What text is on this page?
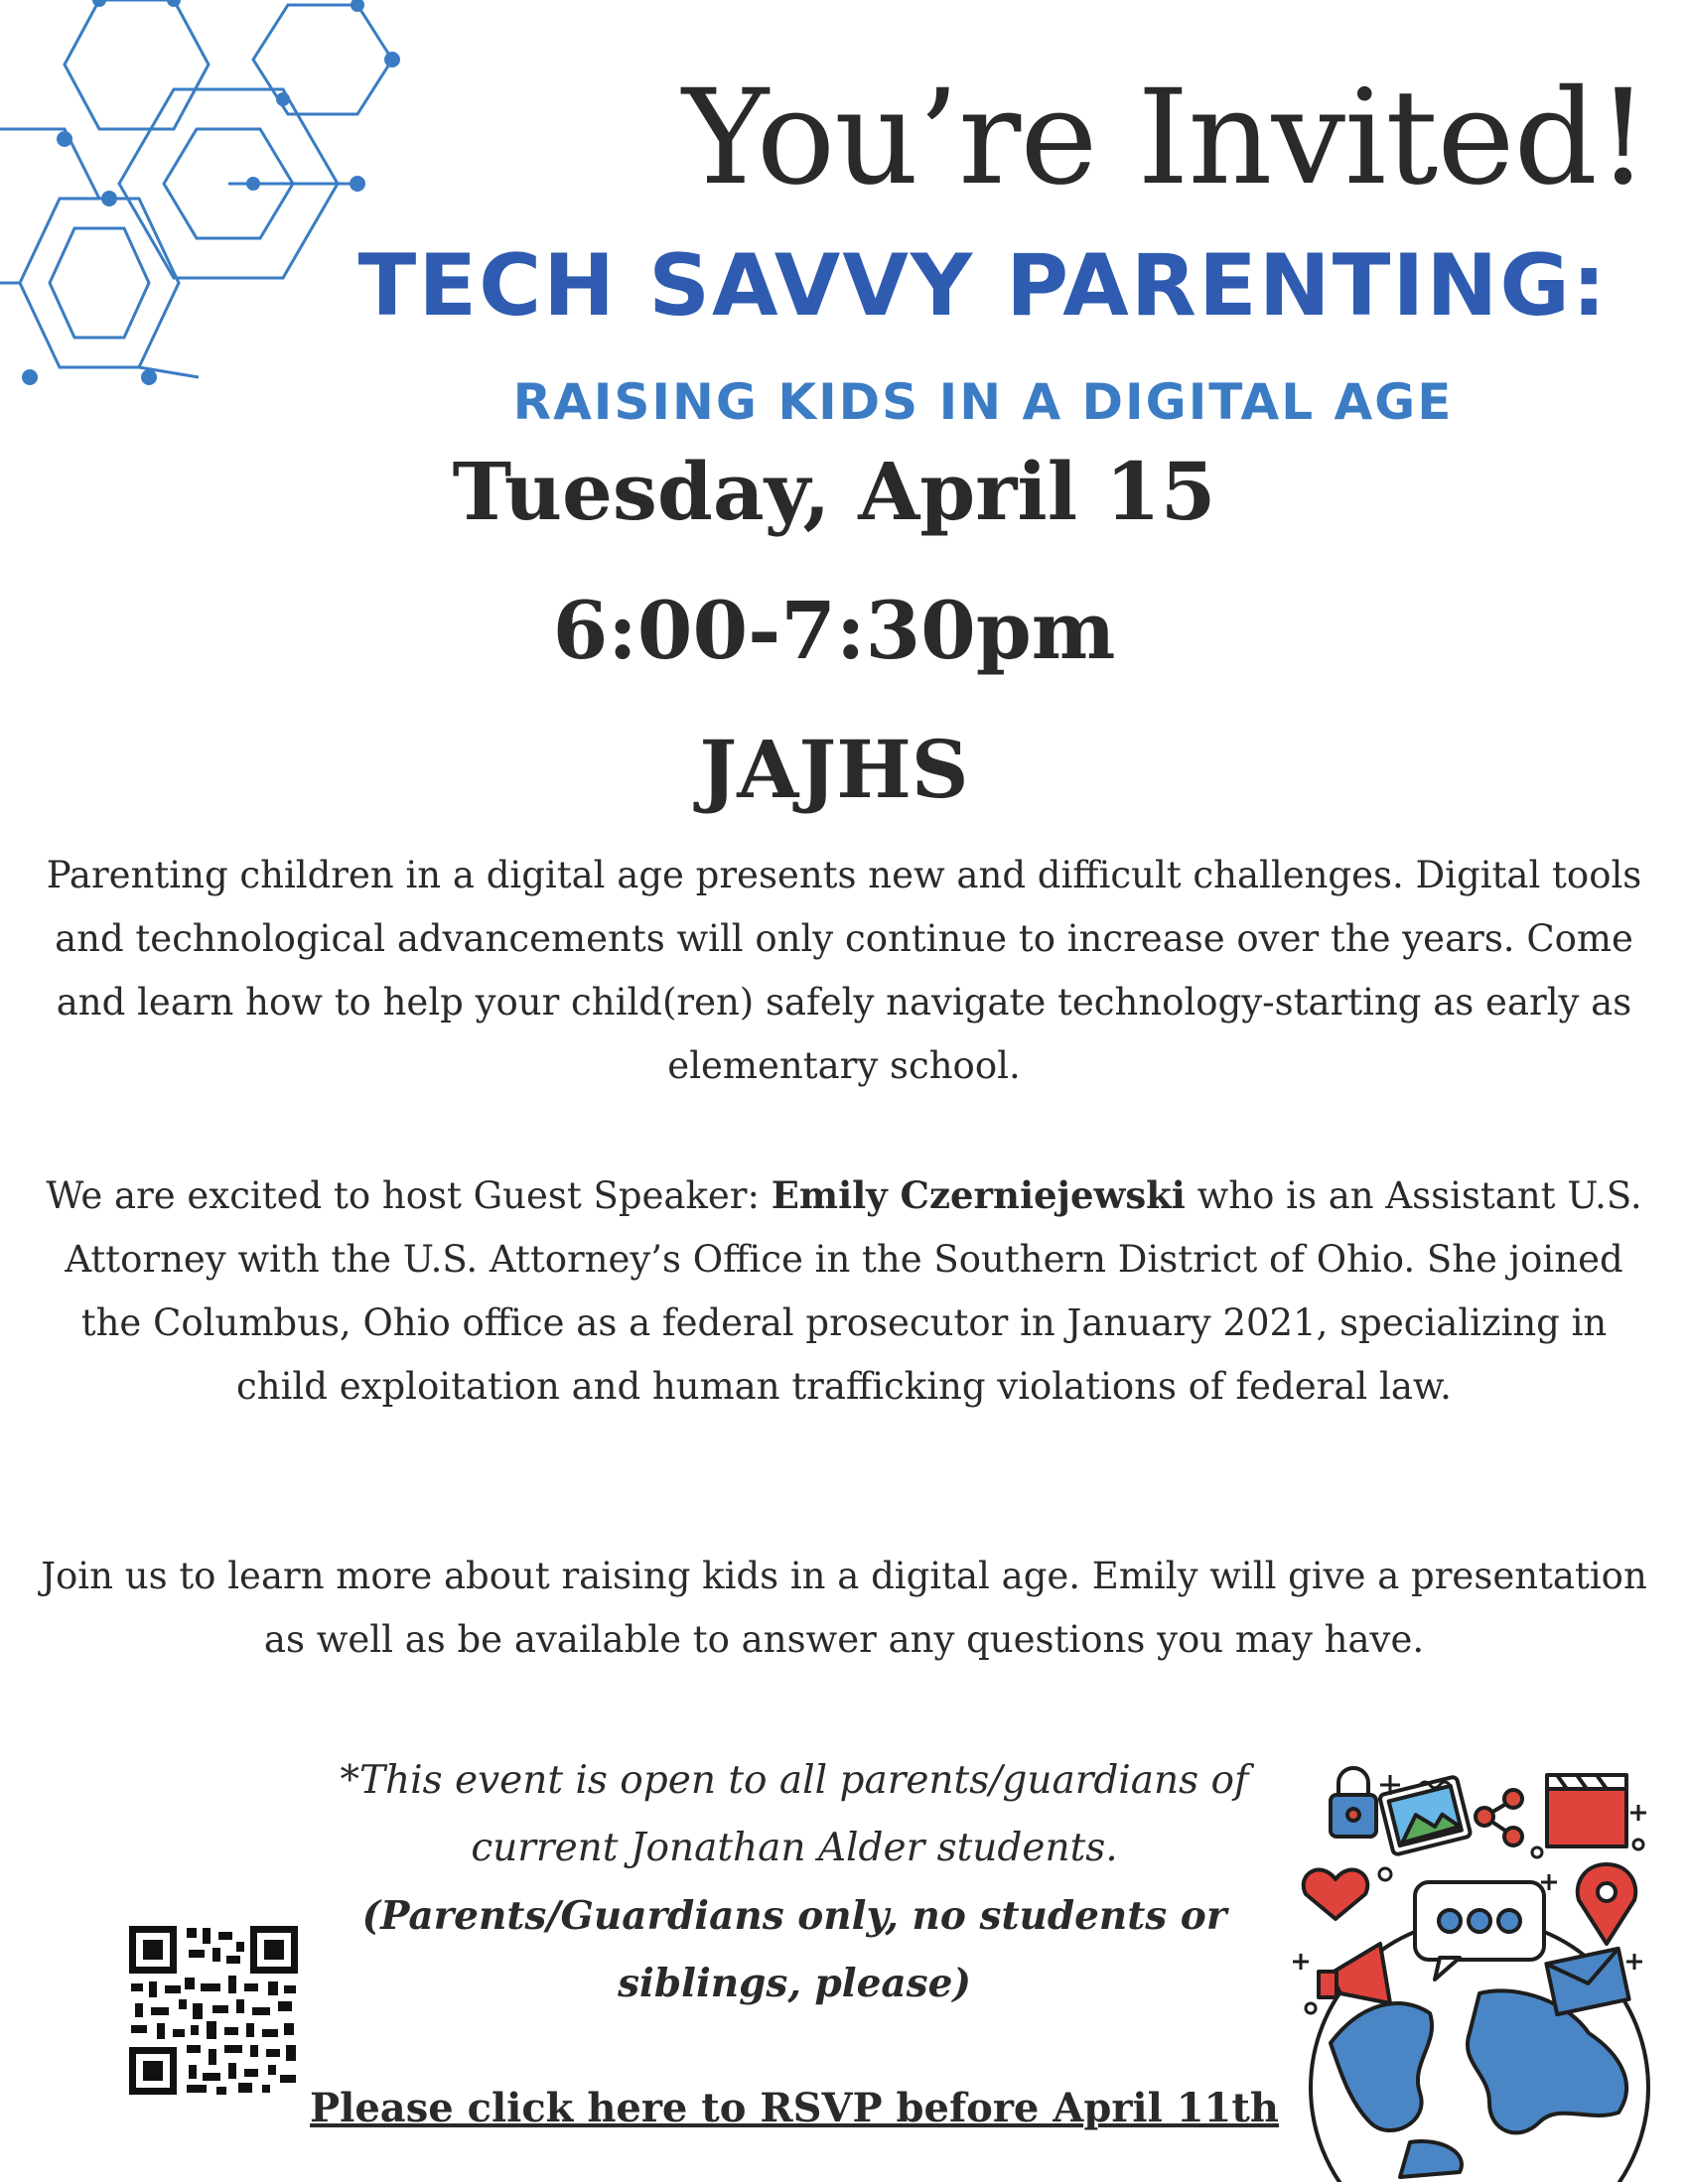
You’re Invited!
TECH SAVVY PARENTING:
RAISING KIDS IN A DIGITAL AGE
Tuesday, April 15
6:00-7:30pm
JAJHS

Parenting children in a digital age presents new and difficult challenges. Digital tools and technological advancements will only continue to increase over the years. Come and learn how to help your child(ren) safely navigate technology-starting as early as elementary school.

We are excited to host Guest Speaker: Emily Czerniejewski who is an Assistant U.S. Attorney with the U.S. Attorney’s Office in the Southern District of Ohio. She joined the Columbus, Ohio office as a federal prosecutor in January 2021, specializing in child exploitation and human trafficking violations of federal law.

Join us to learn more about raising kids in a digital age. Emily will give a presentation as well as be available to answer any questions you may have.

*This event is open to all parents/guardians of current Jonathan Alder students.

(Parents/Guardians only, no students or siblings, please)

Please click here to RSVP before April 11th
